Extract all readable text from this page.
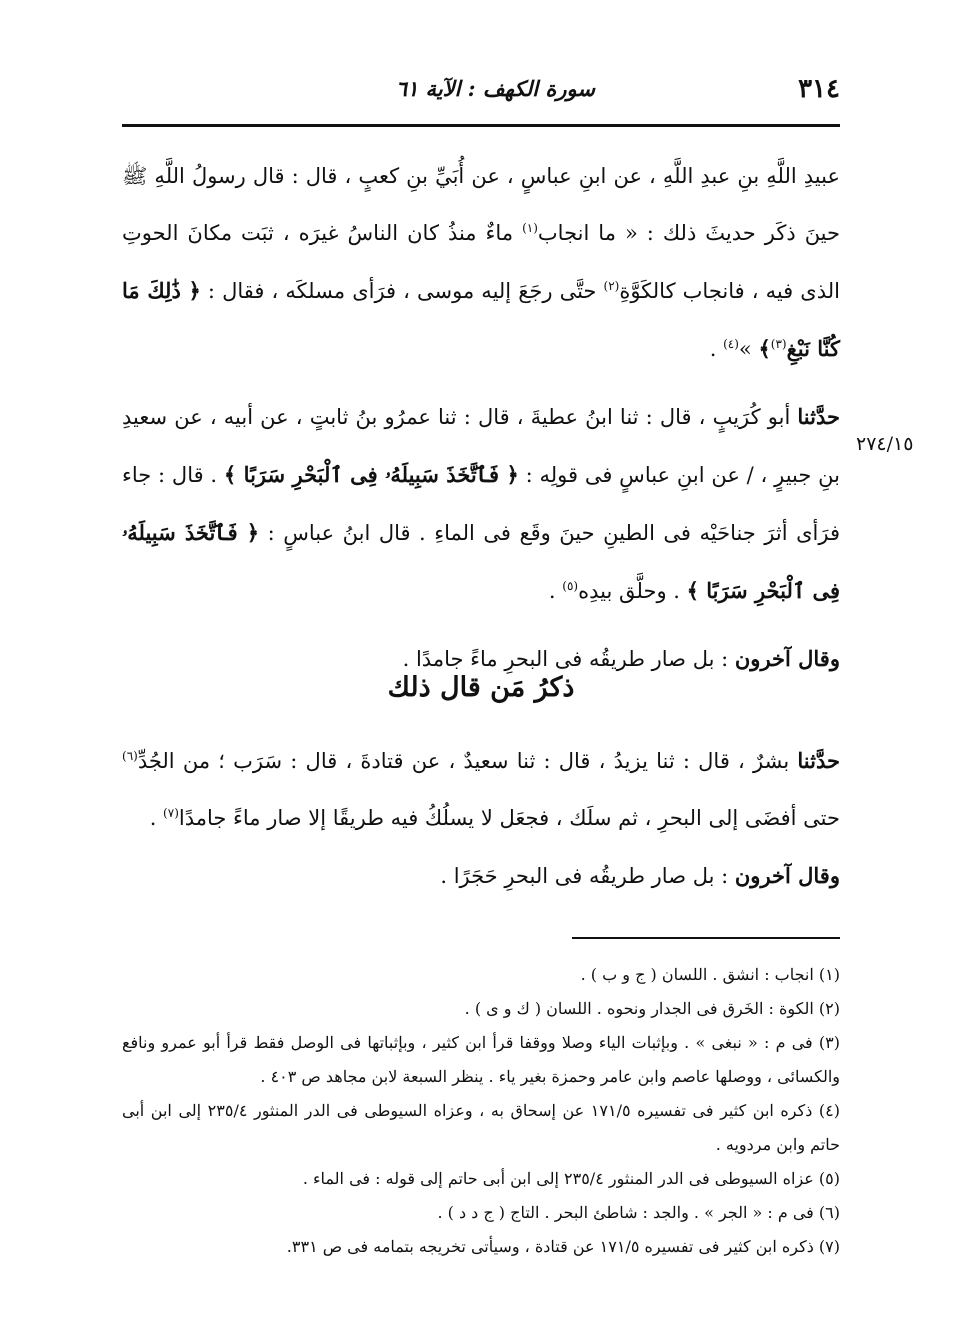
٣١٤
سورة الكهف : الآية ٦١
٢٧٤/١٥

عبيدِ اللَّهِ بنِ عبدِ اللَّهِ ، عن ابنِ عباسٍ ، عن أُبَيِّ بنِ كعبٍ ، قال : قال رسولُ اللَّهِ ﷺ حينَ ذكَر حديثَ ذلك : « ما انجاب$^{(١)}$ ماءٌ منذُ كان الناسُ غيرَه ، ثبَت مكانَ الحوتِ الذى فيه ، فانجاب كالكَوَّةِ$^{(٢)}$ حتَّى رجَعَ إليه موسى ، فرَأى مسلكَه ، فقال : ﴿ ذَٰلِكَ مَا كُنَّا نَبْغِ$^{(٣)}$﴾ »$^{(٤)}$ .

حدَّثنا أبو كُرَيبٍ ، قال : ثنا ابنُ عطيةَ ، قال : ثنا عمرُو بنُ ثابتٍ ، عن أبيه ، عن سعيدِ بنِ جبيرٍ ، / عن ابنِ عباسٍ فى قولِه : ﴿ فَٱتَّخَذَ سَبِيلَهُۥ فِى ٱلْبَحْرِ سَرَبًا ﴾ . قال : جاء فرَأى أثرَ جناحَيْه فى الطينِ حينَ وقَع فى الماءِ . قال ابنُ عباسٍ : ﴿ فَٱتَّخَذَ سَبِيلَهُۥ فِى ٱلْبَحْرِ سَرَبًا ﴾ . وحلَّق بيدِه$^{(٥)}$ .

وقال آخرون : بل صار طريقُه فى البحرِ ماءً جامدًا .

ذكرُ مَن قال ذلك

حدَّثنا بشرٌ ، قال : ثنا يزيدُ ، قال : ثنا سعيدٌ ، عن قتادةَ ، قال : سَرَب ؛ من الجُدِّ$^{(٦)}$ حتى أفضَى إلى البحرِ ، ثم سلَك ، فجعَل لا يسلُكُ فيه طريقًا إلا صار ماءً جامدًا$^{(٧)}$ .

وقال آخرون : بل صار طريقُه فى البحرِ حَجَرًا .

(١) انجاب : انشق . اللسان ( ج و ب ) .

(٢) الكوة : الخَرق فى الجدار ونحوه . اللسان ( ك و ى ) .

(٣) فى م : « نبغى » . وبإثبات الياء وصلا ووقفا قرأ ابن كثير ، وبإثباتها فى الوصل فقط قرأ أبو عمرو ونافع والكسائى ، ووصلها عاصم وابن عامر وحمزة بغير ياء . ينظر السبعة لابن مجاهد ص ٤٠٣ .

(٤) ذكره ابن كثير فى تفسيره ١٧١/٥ عن إسحاق به ، وعزاه السيوطى فى الدر المنثور ٢٣٥/٤ إلى ابن أبى حاتم وابن مردويه .

(٥) عزاه السيوطى فى الدر المنثور ٢٣٥/٤ إلى ابن أبى حاتم إلى قوله : فى الماء .

(٦) فى م : « الجر » . والجد : شاطئ البحر . التاج ( ج د د ) .

(٧) ذكره ابن كثير فى تفسيره ١٧١/٥ عن قتادة ، وسيأتى تخريجه بتمامه فى ص ٣٣١.
